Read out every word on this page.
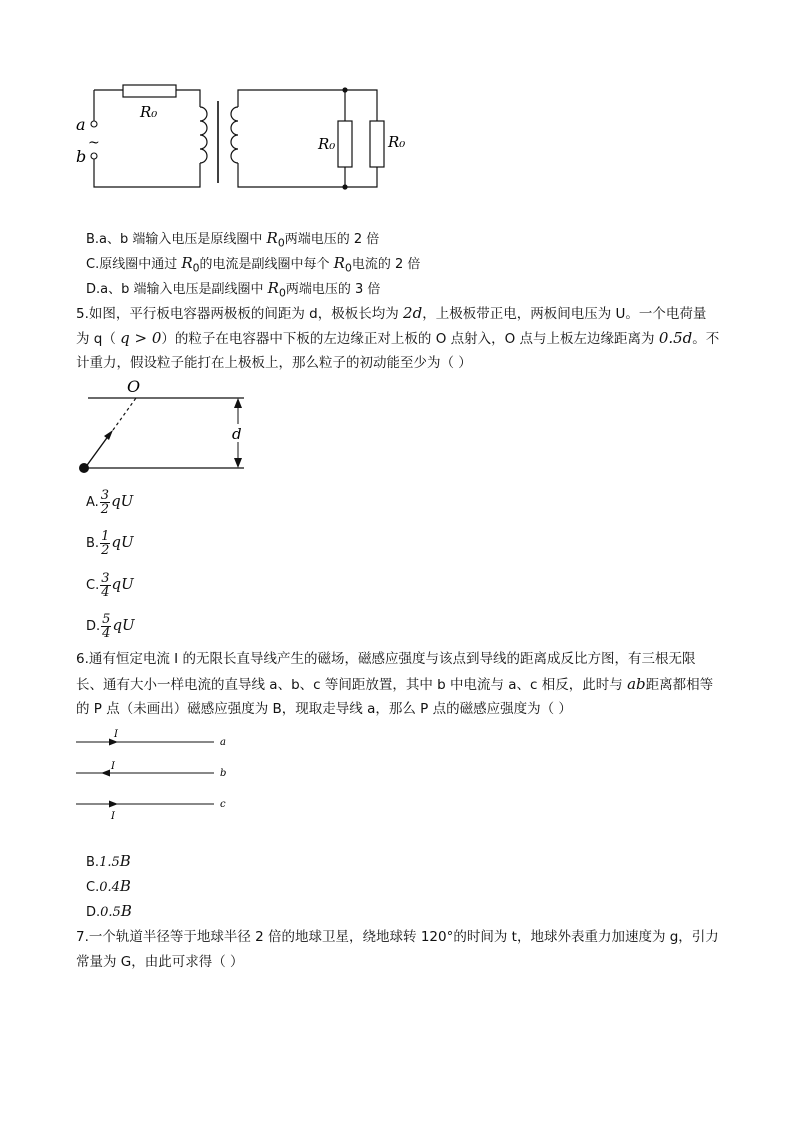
R₀
R₀	R₀
a
b
~
B.a、b 端输入电压是原线圈中 $R_0$两端电压的 2 倍
C.原线圈中通过 $R_0$的电流是副线圈中每个 $R_0$电流的 2 倍
D.a、b 端输入电压是副线圈中 $R_0$两端电压的 3 倍
5.如图，平行板电容器两极板的间距为 d，极板长均为 2d，上极板带正电，两板间电压为 U。一个电荷量
为 q（ q > 0）的粒子在电容器中下板的左边缘正对上板的 O 点射入，O 点与上板左边缘距离为 0.5d。不
计重力，假设粒子能打在上极板上，那么粒子的初动能至少为（ ）
d
O
A. $\frac{3}{2}$ qU
B. $\frac{1}{2}$ qU
C. $\frac{3}{4}$ qU
D. $\frac{5}{4}$ qU
6.通有恒定电流 I 的无限长直导线产生的磁场，磁感应强度与该点到导线的距离成反比方图，有三根无限
长、通有大小一样电流的直导线 a、b、c 等间距放置，其中 b 中电流与 a、c 相反，此时与 ab距离都相等
的 P 点（未画出）磁感应强度为 B，现取走导线 a，那么 P 点的磁感应强度为（ ）
I
a
I
b
I
c
B.1.5B
C.0.4B
D.0.5B
7.一个轨道半径等于地球半径 2 倍的地球卫星，绕地球转 120°的时间为 t，地球外表重力加速度为 g，引力
常量为 G，由此可求得（ ）
